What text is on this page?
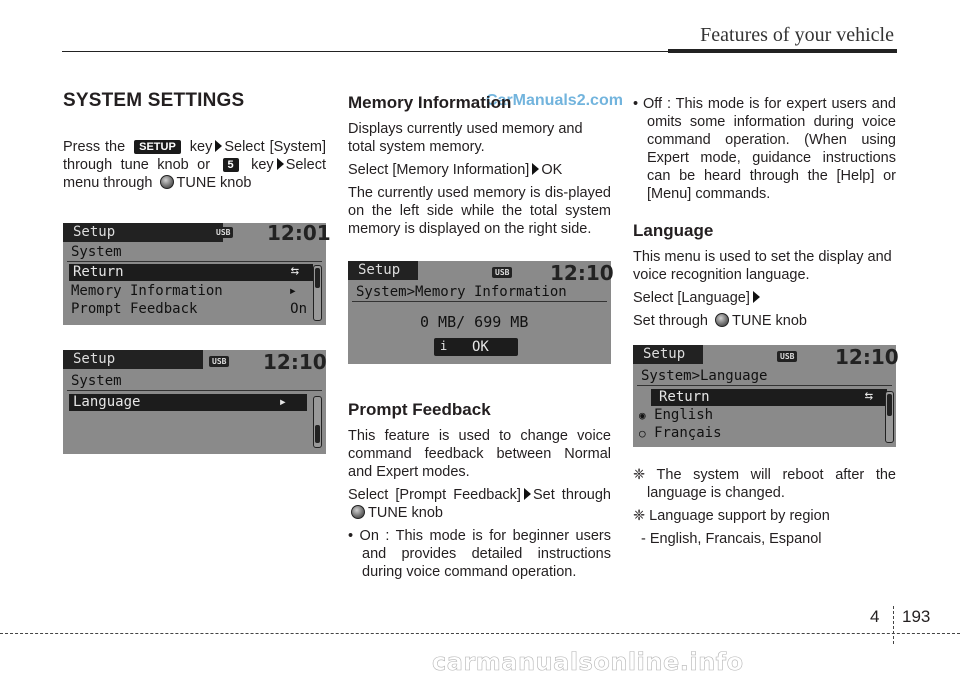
Features of your vehicle
CarManuals2.com
SYSTEM SETTINGS

Press the SETUP key Select [System] through tune knob or 5 key Select menu through TUNE knob

Setup	USB 12:01
System
Return	⇆
Memory Information	▸
Prompt Feedback	On
Setup	USB 12:10
System
Language	▸
Memory Information

Displays currently used memory and total system memory.

Select [Memory Information] OK

The currently used memory is dis-played on the left side while the total system memory is displayed on the right side.

Setup	USB 12:10
System>Memory Information
0 MB/ 699 MB
i OK
Prompt Feedback

This feature is used to change voice command feedback between Normal and Expert modes.

Select [Prompt Feedback] Set through TUNE knob

• On : This mode is for beginner users and provides detailed instructions during voice command operation.

• Off : This mode is for expert users and omits some information during voice command operation. (When using Expert mode, guidance instructions can be heard through the [Help] or [Menu] commands.

Language

This menu is used to set the display and voice recognition language.

Select [Language]

Set through TUNE knob

Setup	USB 12:10
System>Language
Return	⇆
◉ English
○ Français

❈ The system will reboot after the language is changed.

❈ Language support by region

- English, Francais, Espanol

4 193
carmanualsonline.info
